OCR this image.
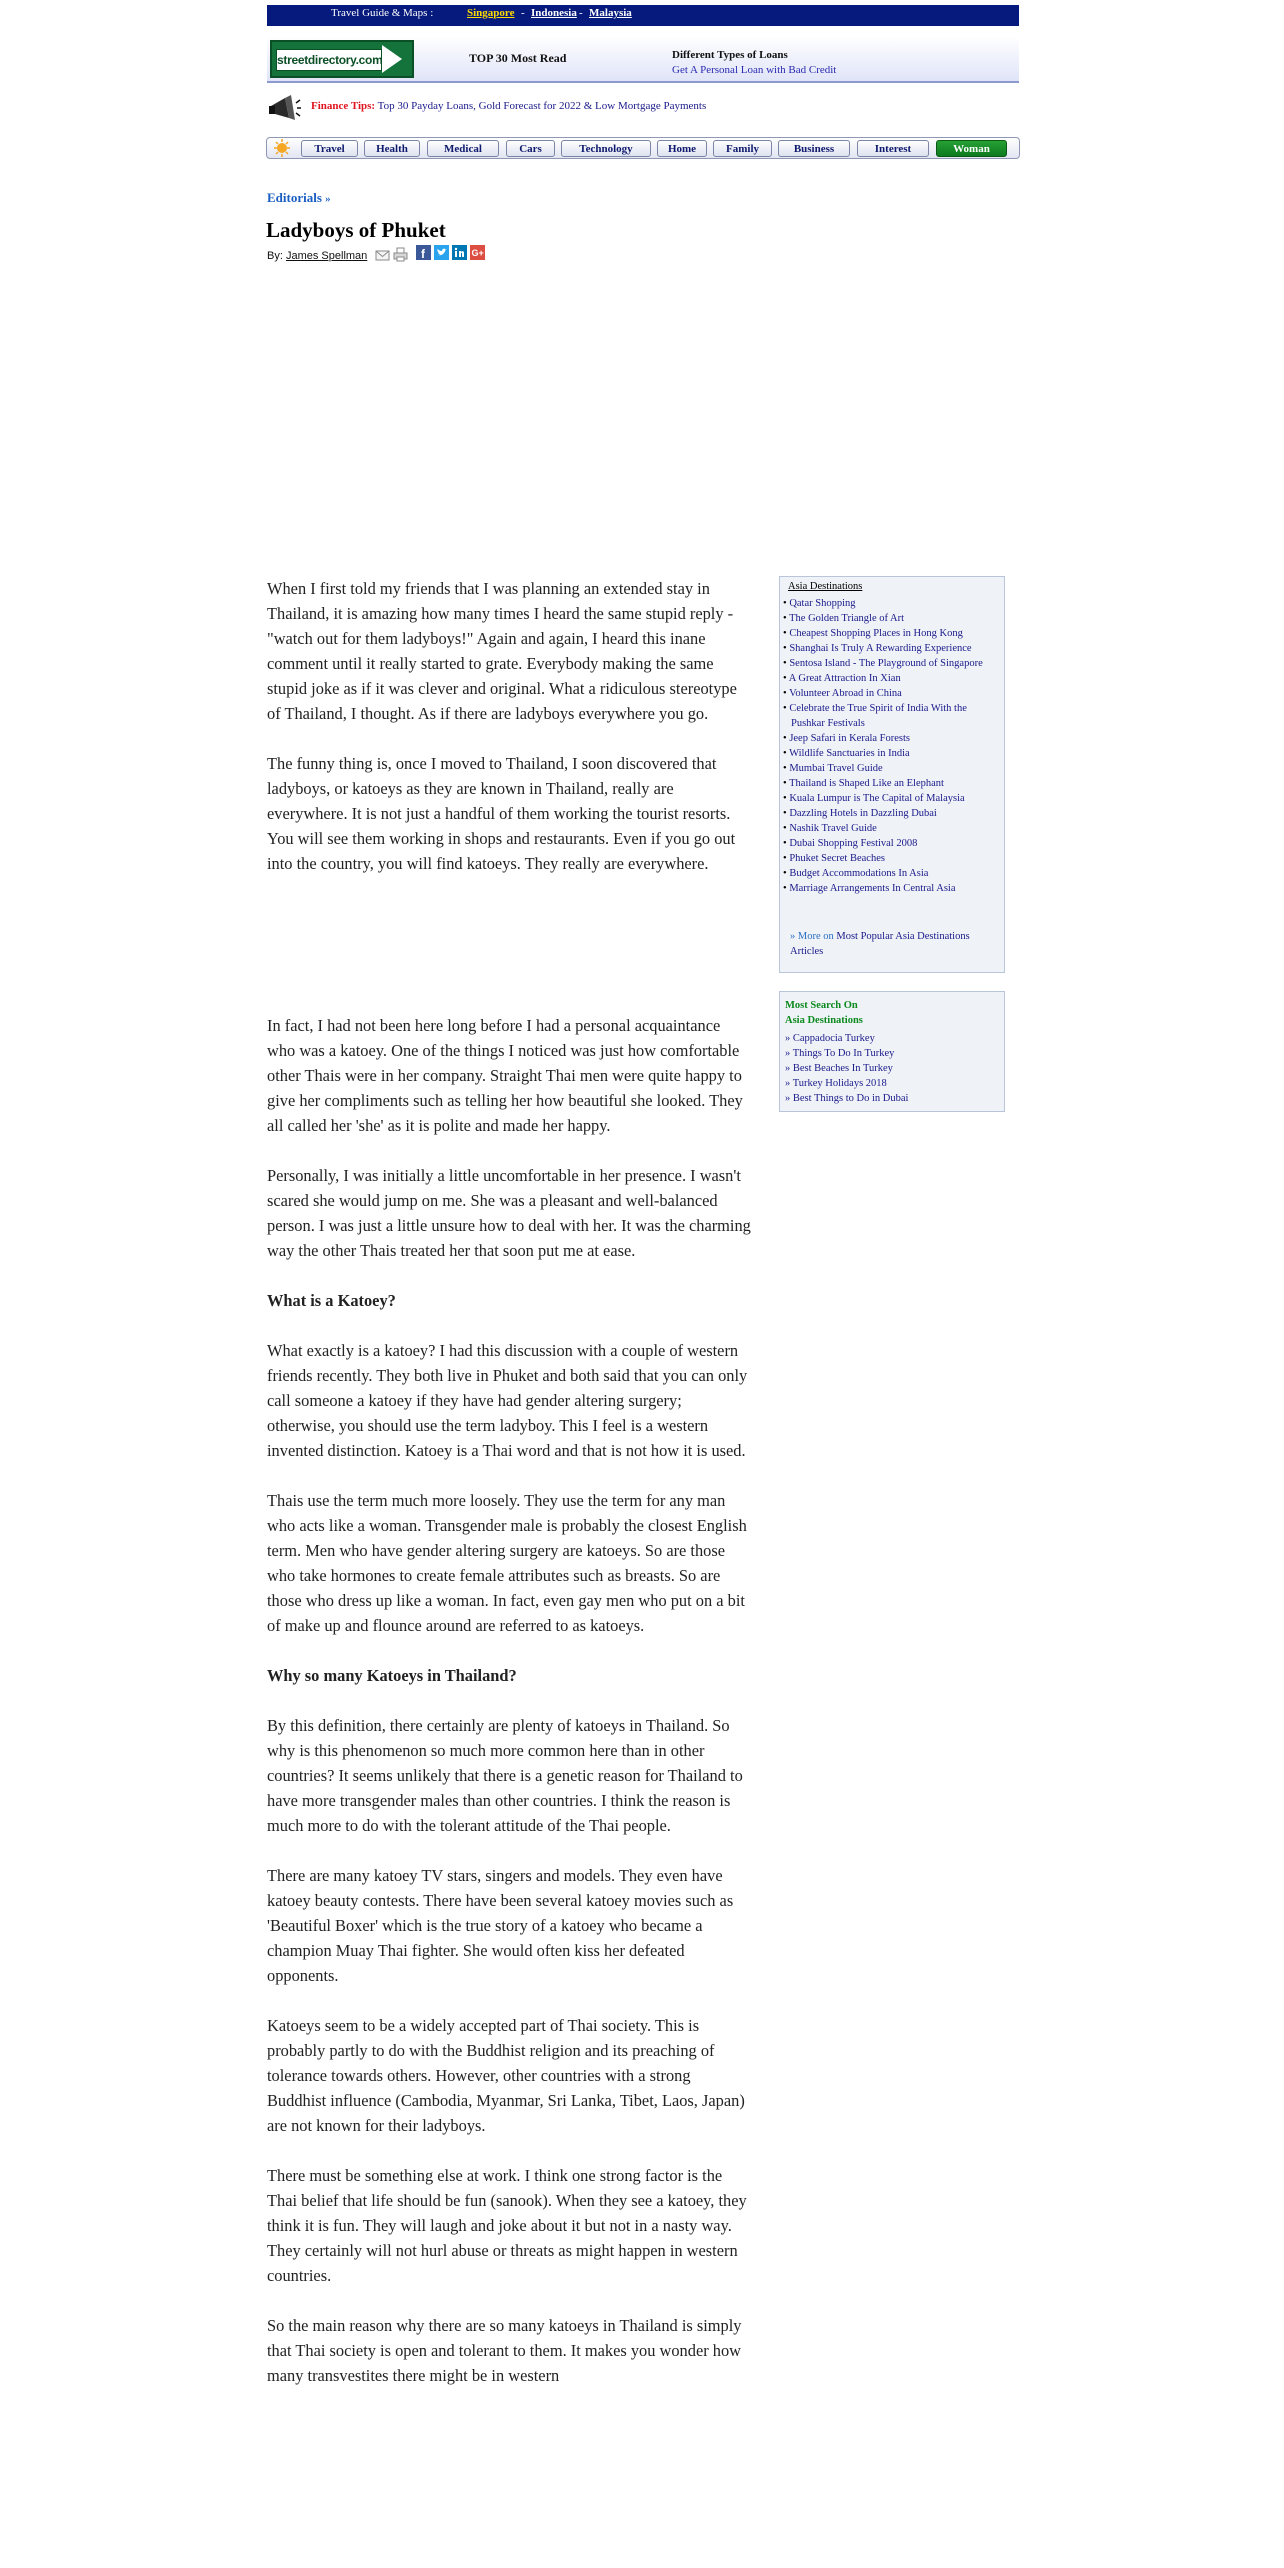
Travel Guide & Maps :	Singapore - Indonesia - Malaysia
streetdirectory.com	TOP 30 Most Read	Different Types of Loans
Get A Personal Loan with Bad Credit
Finance Tips: Top 30 Payday Loans, Gold Forecast for 2022 & Low Mortgage Payments
Travel	Health	Medical	Cars	Technology	Home	Family	Business	Interest	Woman
Editorials »
Ladyboys of Phuket
By: James Spellman	f	G+

When I first told my friends that I was planning an extended stay in Thailand, it is amazing how many times I heard the same stupid reply - "watch out for them ladyboys!" Again and again, I heard this inane comment until it really started to grate. Everybody making the same stupid joke as if it was clever and original. What a ridiculous stereotype of Thailand, I thought. As if there are ladyboys everywhere you go.

The funny thing is, once I moved to Thailand, I soon discovered that ladyboys, or katoeys as they are known in Thailand, really are everywhere. It is not just a handful of them working the tourist resorts. You will see them working in shops and restaurants. Even if you go out into the country, you will find katoeys. They really are everywhere.

In fact, I had not been here long before I had a personal acquaintance who was a katoey. One of the things I noticed was just how comfortable other Thais were in her company. Straight Thai men were quite happy to give her compliments such as telling her how beautiful she looked. They all called her 'she' as it is polite and made her happy.

Personally, I was initially a little uncomfortable in her presence. I wasn't scared she would jump on me. She was a pleasant and well-balanced person. I was just a little unsure how to deal with her. It was the charming way the other Thais treated her that soon put me at ease.

What is a Katoey?

What exactly is a katoey? I had this discussion with a couple of western friends recently. They both live in Phuket and both said that you can only call someone a katoey if they have had gender altering surgery; otherwise, you should use the term ladyboy. This I feel is a western invented distinction. Katoey is a Thai word and that is not how it is used.

Thais use the term much more loosely. They use the term for any man who acts like a woman. Transgender male is probably the closest English term. Men who have gender altering surgery are katoeys. So are those who take hormones to create female attributes such as breasts. So are those who dress up like a woman. In fact, even gay men who put on a bit of make up and flounce around are referred to as katoeys.

Why so many Katoeys in Thailand?

By this definition, there certainly are plenty of katoeys in Thailand. So why is this phenomenon so much more common here than in other countries? It seems unlikely that there is a genetic reason for Thailand to have more transgender males than other countries. I think the reason is much more to do with the tolerant attitude of the Thai people.

There are many katoey TV stars, singers and models. They even have katoey beauty contests. There have been several katoey movies such as 'Beautiful Boxer' which is the true story of a katoey who became a champion Muay Thai fighter. She would often kiss her defeated opponents.

Katoeys seem to be a widely accepted part of Thai society. This is probably partly to do with the Buddhist religion and its preaching of tolerance towards others. However, other countries with a strong Buddhist influence (Cambodia, Myanmar, Sri Lanka, Tibet, Laos, Japan) are not known for their ladyboys.

There must be something else at work. I think one strong factor is the Thai belief that life should be fun (sanook). When they see a katoey, they think it is fun. They will laugh and joke about it but not in a nasty way. They certainly will not hurl abuse or threats as might happen in western countries.

So the main reason why there are so many katoeys in Thailand is simply that Thai society is open and tolerant to them. It makes you wonder how many transvestites there might be in western

Asia Destinations
• Qatar Shopping
• The Golden Triangle of Art
• Cheapest Shopping Places in Hong Kong
• Shanghai Is Truly A Rewarding Experience
• Sentosa Island - The Playground of Singapore
• A Great Attraction In Xian
• Volunteer Abroad in China
• Celebrate the True Spirit of India With the Pushkar Festivals
• Jeep Safari in Kerala Forests
• Wildlife Sanctuaries in India
• Mumbai Travel Guide
• Thailand is Shaped Like an Elephant
• Kuala Lumpur is The Capital of Malaysia
• Dazzling Hotels in Dazzling Dubai
• Nashik Travel Guide
• Dubai Shopping Festival 2008
• Phuket Secret Beaches
• Budget Accommodations In Asia
• Marriage Arrangements In Central Asia
» More on Most Popular Asia Destinations Articles
Most Search On
Asia Destinations
» Cappadocia Turkey
» Things To Do In Turkey
» Best Beaches In Turkey
» Turkey Holidays 2018
» Best Things to Do in Dubai
